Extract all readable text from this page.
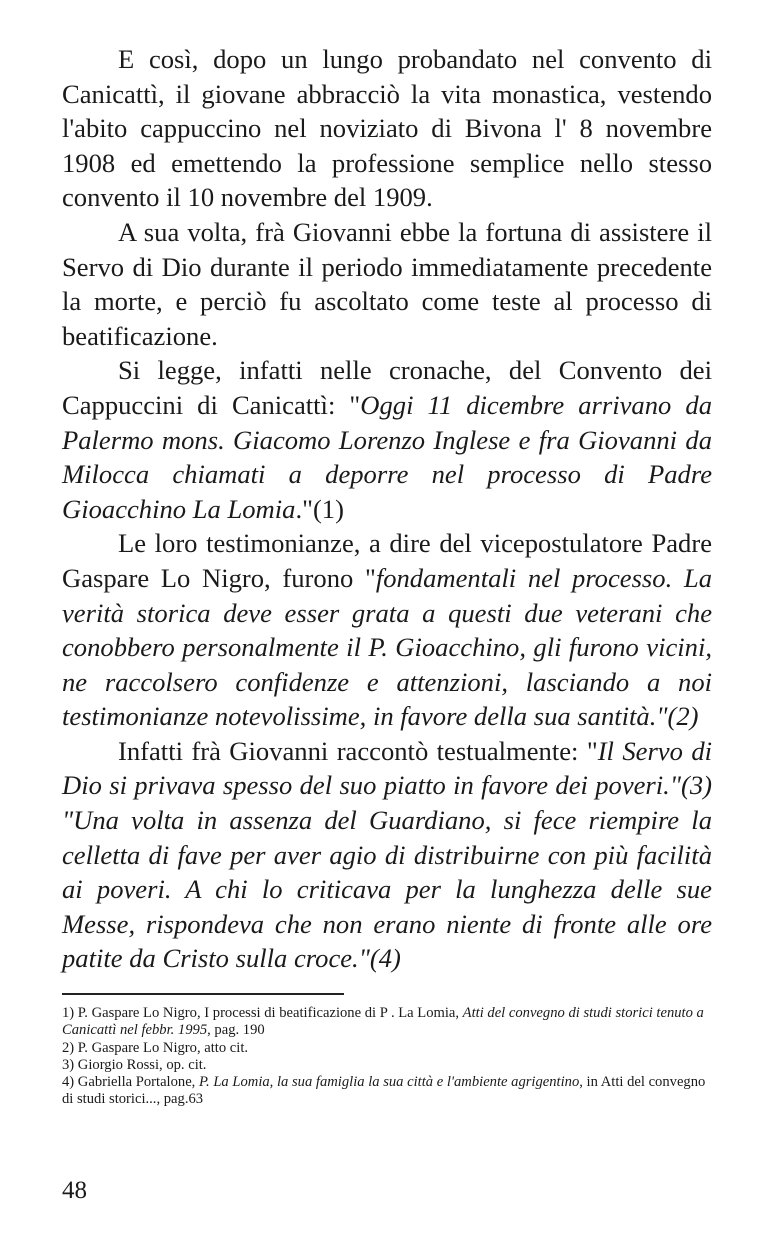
E così, dopo un lungo probandato nel convento di Canicattì, il giovane abbracciò la vita monastica, vestendo l'abito cappuccino nel noviziato di Bivona l' 8 novembre 1908 ed emettendo la professione semplice nello stesso convento il 10 novembre del 1909.

A sua volta, frà Giovanni ebbe la fortuna di assistere il Servo di Dio durante il periodo immediatamente precedente la morte, e perciò fu ascoltato come teste al processo di beatificazione.

Si legge, infatti nelle cronache, del Convento dei Cappuccini di Canicattì: "Oggi 11 dicembre arrivano da Palermo mons. Giacomo Lorenzo Inglese e fra Giovanni da Milocca chiamati a deporre nel processo di Padre Gioacchino La Lomia."(1)

Le loro testimonianze, a dire del vicepostulatore Padre Gaspare Lo Nigro, furono "fondamentali nel processo. La verità storica deve esser grata a questi due veterani che conobbero personalmente il P. Gioacchino, gli furono vicini, ne raccolsero confidenze e attenzioni, lasciando a noi testimonianze notevolissime, in favore della sua santità."(2)

Infatti frà Giovanni raccontò testualmente: "Il Servo di Dio si privava spesso del suo piatto in favore dei poveri."(3) "Una volta in assenza del Guardiano, si fece riempire la celletta di fave per aver agio di distribuirne con più facilità ai poveri. A chi lo criticava per la lunghezza delle sue Messe, rispondeva che non erano niente di fronte alle ore patite da Cristo sulla croce."(4)

1) P. Gaspare Lo Nigro, I processi di beatificazione di P . La Lomia, Atti del convegno di studi storici tenuto a Canicattì nel febbr. 1995, pag. 190
2) P. Gaspare Lo Nigro, atto cit.
3) Giorgio Rossi, op. cit.
4) Gabriella Portalone, P. La Lomia, la sua famiglia la sua città e l'ambiente agrigentino, in Atti del convegno di studi storici..., pag.63
48
